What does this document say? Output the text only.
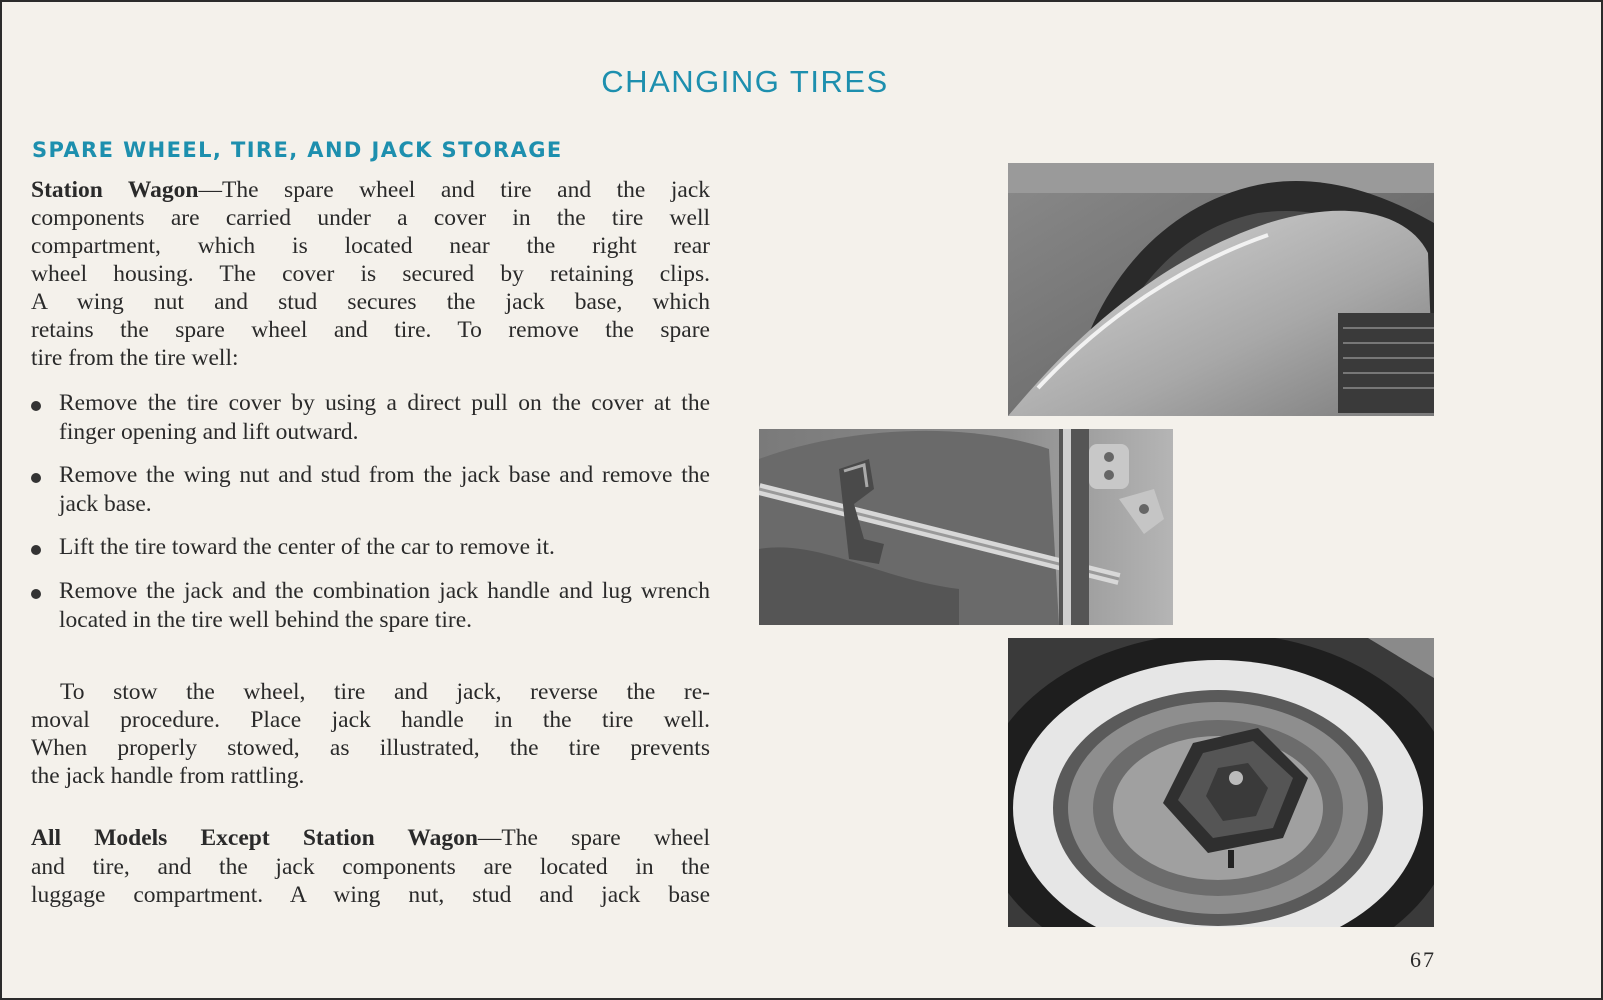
CHANGING TIRES
SPARE WHEEL, TIRE, AND JACK STORAGE
Station Wagon—The spare wheel and tire and the jack
components are carried under a cover in the tire well
compartment, which is located near the right rear
wheel housing. The cover is secured by retaining clips.
A wing nut and stud secures the jack base, which
retains the spare wheel and tire. To remove the spare
tire from the tire well:
Remove the tire cover by using a direct pull on the cover at the finger opening and lift outward.
Remove the wing nut and stud from the jack base and remove the jack base.
Lift the tire toward the center of the car to remove it.
Remove the jack and the combination jack handle and lug wrench located in the tire well behind the spare tire.
To stow the wheel, tire and jack, reverse the re-
moval procedure. Place jack handle in the tire well.
When properly stowed, as illustrated, the tire prevents
the jack handle from rattling.
All Models Except Station Wagon—The spare wheel
and tire, and the jack components are located in the
luggage compartment. A wing nut, stud and jack base
67
